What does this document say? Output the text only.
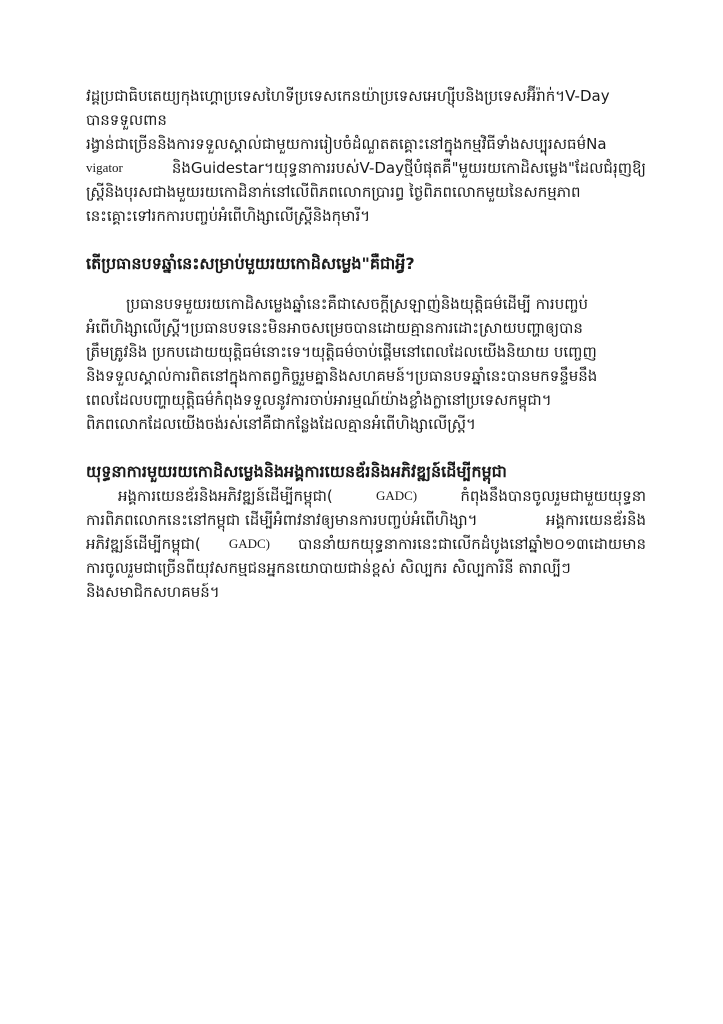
វដ្ដប្រជាធិបតេយ្យកុងហ្គោប្រទេសហៃទីប្រទេសកេនយ៉ាប្រទេសអេហ្ស៊ីបនិងប្រទេសអ៊ីរ៉ាក់។V-Day
បានទទួលពាន
រង្វាន់ជាច្រើននិងការទទួលស្គាល់ជាមួយការរៀបចំដំណួតតគ្គោះនៅក្នុងកម្មវិធីទាំងសប្បុរសធម៌Na
vigator	និងGuidestar។យុទ្ធនាការរបស់V-Dayថ្មីបំផុតគឺ"មួយរយកោដិសម្លេង"ដែលជំរុញឱ្យ
ស្ត្រីនិងបុរសជាងមួយរយកោដិនាក់នៅលើពិភពលោកប្រារព្ធ ថ្ងៃពិភពលោកមួយនៃសកម្មភាព
នេះគ្គោះទៅរកការបញ្ចប់អំពើហិង្សាលើស្ត្រីនិងកុមារី។
តើប្រធានបទឆ្នាំនេះសម្រាប់មួយរយកោដិសម្លេង"គឺជាអ្វី?
ប្រធានបទមួយរយកោដិសម្លេងឆ្នាំនេះគឺជាសេចក្ដីស្រឡាញ់និងយុត្តិធម៌ដើម្បី ការបញ្ចប់
អំពើហិង្សាលើស្ត្រី។ប្រធានបទនេះមិនអាចសម្រេចបានដោយគ្មានការដោះស្រាយបញ្ហាឲ្យបាន
ត្រឹមត្រូវនិង ប្រកបដោយយុត្តិធម៌នោះទេ។យុត្តិធម៌ចាប់ផ្ដើមនៅពេលដែលយើងនិយាយ បញ្ចេញ
និងទទួលស្គាល់ការពិតនៅក្នុងកាតព្វកិច្ចរួមគ្នានិងសហគមន៍។ប្រធានបទឆ្នាំនេះបានមកទន្ទឹមនឹង
ពេលដែលបញ្ហាយុត្តិធម៌កំពុងទទួលនូវការចាប់អារម្មណ៍យ៉ាងខ្លាំងក្លានៅប្រទេសកម្ពុជា។
ពិភពលោកដែលយើងចង់រស់នៅគឺជាកន្លែងដែលគ្មានអំពើហិង្សាលើស្ត្រី។
យុទ្ធនាការមួយរយកោដិសម្លេងនិងអង្គការយេនឌ័រនិងអភិវឌ្ឍន៍ដើម្បីកម្ពុជា
អង្គការយេនឌ័រនិងអភិវឌ្ឍន៍ដើម្បីកម្ពុជា(	GADC)	កំពុងនឹងបានចូលរួមជាមួយយុទ្ធនា
ការពិភពលោកនេះនៅកម្ពុជា ដើម្បីអំពាវនាវឲ្យមានការបញ្ចប់អំពើហិង្សា។	អង្គការយេនឌ័រនិង
អភិវឌ្ឍន៍ដើម្បីកម្ពុជា( GADC) បាននាំយកយុទ្ធនាការនេះជាលើកដំបូងនៅឆ្នាំ២០១៣ដោយមាន
ការចូលរួមជាច្រើនពីយុវសកម្មជនអ្នកនយោបាយជាន់ខ្ពស់ សិល្បករ សិល្បការិនី តារាល្បីៗ
និងសមាជិកសហគមន៍។
